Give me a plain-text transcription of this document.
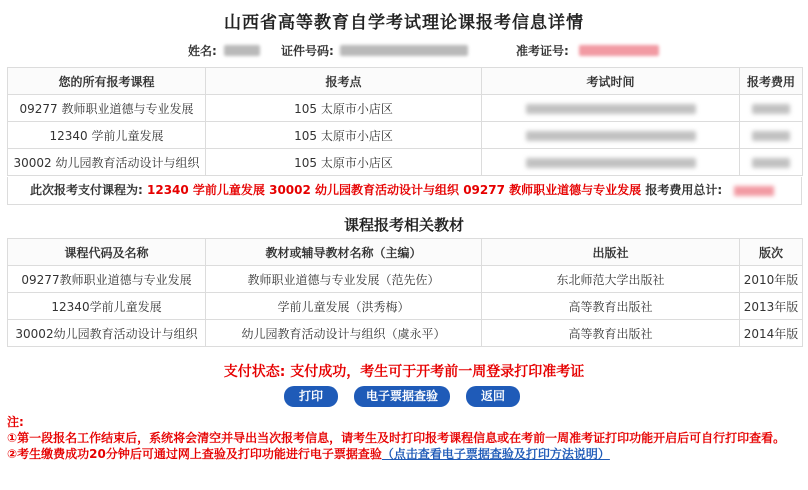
山西省高等教育自学考试理论课报考信息详情
姓名:	证件号码:	准考证号:
您的所有报考课程	报考点	考试时间	报考费用
09277 教师职业道德与专业发展	105 太原市小店区		
12340 学前儿童发展	105 太原市小店区		
30002 幼儿园教育活动设计与组织	105 太原市小店区		
此次报考支付课程为: 12340 学前儿童发展 30002 幼儿园教育活动设计与组织 09277 教师职业道德与专业发展 报考费用总计:
课程报考相关教材
课程代码及名称	教材或辅导教材名称（主编）	出版社	版次
09277教师职业道德与专业发展	教师职业道德与专业发展（范先佐）	东北师范大学出版社	2010年版
12340学前儿童发展	学前儿童发展（洪秀梅）	高等教育出版社	2013年版
30002幼儿园教育活动设计与组织	幼儿园教育活动设计与组织（虞永平）	高等教育出版社	2014年版
支付状态: 支付成功，考生可于开考前一周登录打印准考证
打印	电子票据查验	返回
注:
①第一段报名工作结束后，系统将会清空并导出当次报考信息，请考生及时打印报考课程信息或在考前一周准考证打印功能开启后可自行打印查看。
②考生缴费成功20分钟后可通过网上查验及打印功能进行电子票据查验（点击查看电子票据查验及打印方法说明）
